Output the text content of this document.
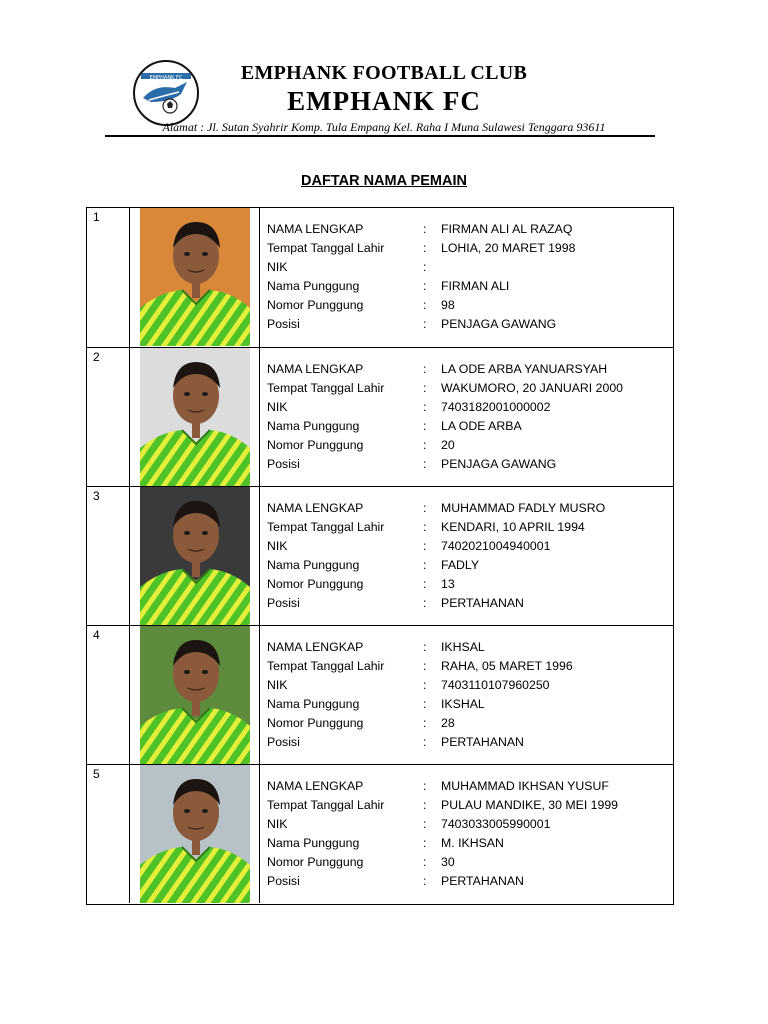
EMPHANK FC	EMPHANK FOOTBALL CLUB
EMPHANK FC
Alamat : Jl. Sutan Syahrir Komp. Tula Empang Kel. Raha I Muna Sulawesi Tenggara 93611
DAFTAR NAMA PEMAIN
1
NAMA LENGKAP	: FIRMAN ALI AL RAZAQ
Tempat Tanggal Lahir	: LOHIA, 20 MARET 1998
NIK	:
Nama Punggung	: FIRMAN ALI
Nomor Punggung	: 98
Posisi	: PENJAGA GAWANG
2
NAMA LENGKAP	: LA ODE ARBA YANUARSYAH
Tempat Tanggal Lahir	: WAKUMORO, 20 JANUARI 2000
NIK	: 7403182001000002
Nama Punggung	: LA ODE ARBA
Nomor Punggung	: 20
Posisi	: PENJAGA GAWANG
3
NAMA LENGKAP	: MUHAMMAD FADLY MUSRO
Tempat Tanggal Lahir	: KENDARI, 10 APRIL 1994
NIK	: 7402021004940001
Nama Punggung	: FADLY
Nomor Punggung	: 13
Posisi	: PERTAHANAN
4
NAMA LENGKAP	: IKHSAL
Tempat Tanggal Lahir	: RAHA, 05 MARET 1996
NIK	: 7403110107960250
Nama Punggung	: IKSHAL
Nomor Punggung	: 28
Posisi	: PERTAHANAN
5
NAMA LENGKAP	: MUHAMMAD IKHSAN YUSUF
Tempat Tanggal Lahir	: PULAU MANDIKE, 30 MEI 1999
NIK	: 7403033005990001
Nama Punggung	: M. IKHSAN
Nomor Punggung	: 30
Posisi	: PERTAHANAN
